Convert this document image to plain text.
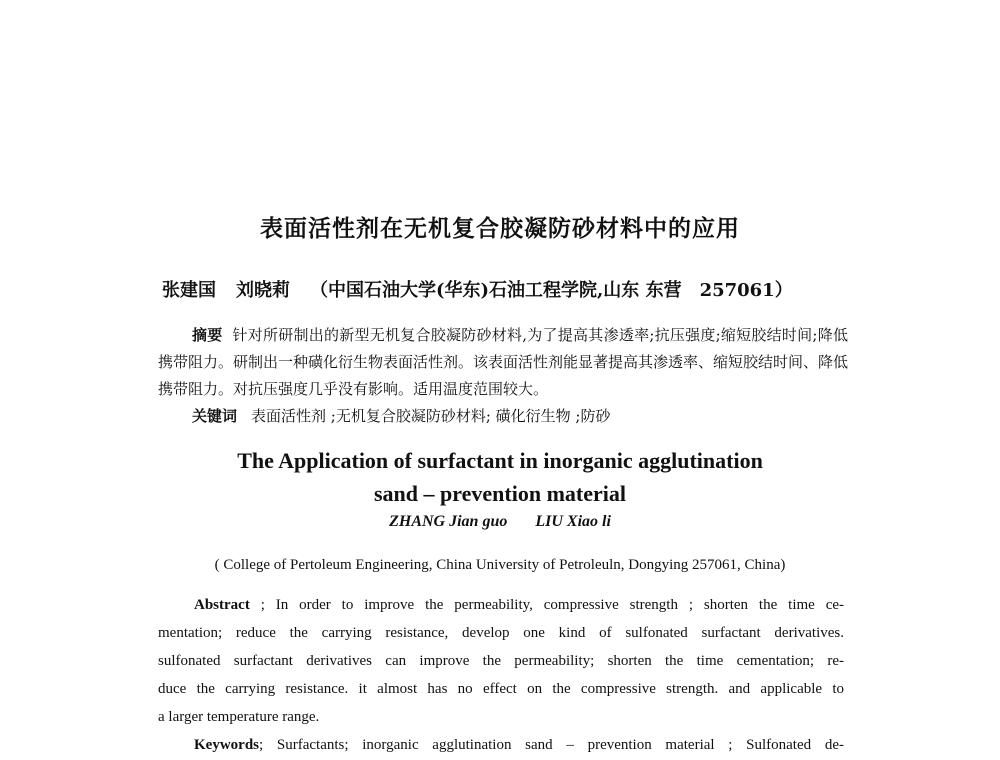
表面活性剂在无机复合胶凝防砂材料中的应用
张建国 刘晓莉 （中国石油大学(华东)石油工程学院,山东 东营　257061）

摘要 针对所研制出的新型无机复合胶凝防砂材料,为了提高其渗透率;抗压强度;缩短胶结时间;降低携带阻力。研制出一种磺化衍生物表面活性剂。该表面活性剂能显著提高其渗透率、缩短胶结时间、降低携带阻力。对抗压强度几乎没有影响。适用温度范围较大。

关键词 表面活性剂 ;无机复合胶凝防砂材料; 磺化衍生物 ;防砂
The Application of surfactant in inorganic agglutination
sand – prevention material
ZHANG Jian guo LIU Xiao li
( College of Pertoleum Engineering, China University of Petroleuln, Dongying 257061, China)
Abstract ; In order to improve the permeability, compressive strength ; shorten the time ce-
mentation; reduce the carrying resistance, develop one kind of sulfonated surfactant derivatives.
sulfonated surfactant derivatives can improve the permeability; shorten the time cementation; re-
duce the carrying resistance. it almost has no effect on the compressive strength. and applicable to
a larger temperature range.
Keywords; Surfactants; inorganic agglutination sand – prevention material ; Sulfonated de-
